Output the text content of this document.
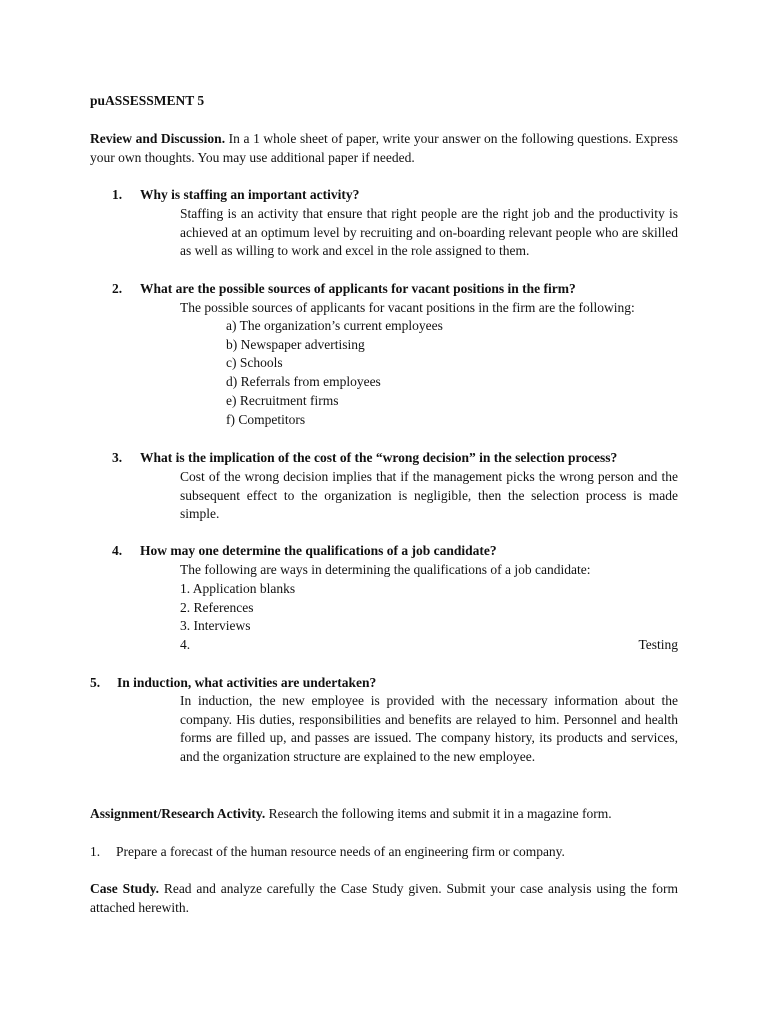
puASSESSMENT 5
Review and Discussion. In a 1 whole sheet of paper, write your answer on the following questions. Express your own thoughts. You may use additional paper if needed.
1. Why is staffing an important activity?
Staffing is an activity that ensure that right people are the right job and the productivity is achieved at an optimum level by recruiting and on-boarding relevant people who are skilled as well as willing to work and excel in the role assigned to them.
2. What are the possible sources of applicants for vacant positions in the firm?
The possible sources of applicants for vacant positions in the firm are the following:
a) The organization’s current employees
b) Newspaper advertising
c) Schools
d) Referrals from employees
e) Recruitment firms
f) Competitors
3. What is the implication of the cost of the “wrong decision” in the selection process?
Cost of the wrong decision implies that if the management picks the wrong person and the subsequent effect to the organization is negligible, then the selection process is made simple.
4. How may one determine the qualifications of a job candidate?
The following are ways in determining the qualifications of a job candidate:
1. Application blanks
2. References
3. Interviews
4.	Testing
5. In induction, what activities are undertaken?
In induction, the new employee is provided with the necessary information about the company. His duties, responsibilities and benefits are relayed to him. Personnel and health forms are filled up, and passes are issued. The company history, its products and services, and the organization structure are explained to the new employee.
Assignment/Research Activity. Research the following items and submit it in a magazine form.
1. Prepare a forecast of the human resource needs of an engineering firm or company.
Case Study. Read and analyze carefully the Case Study given. Submit your case analysis using the form attached herewith.
